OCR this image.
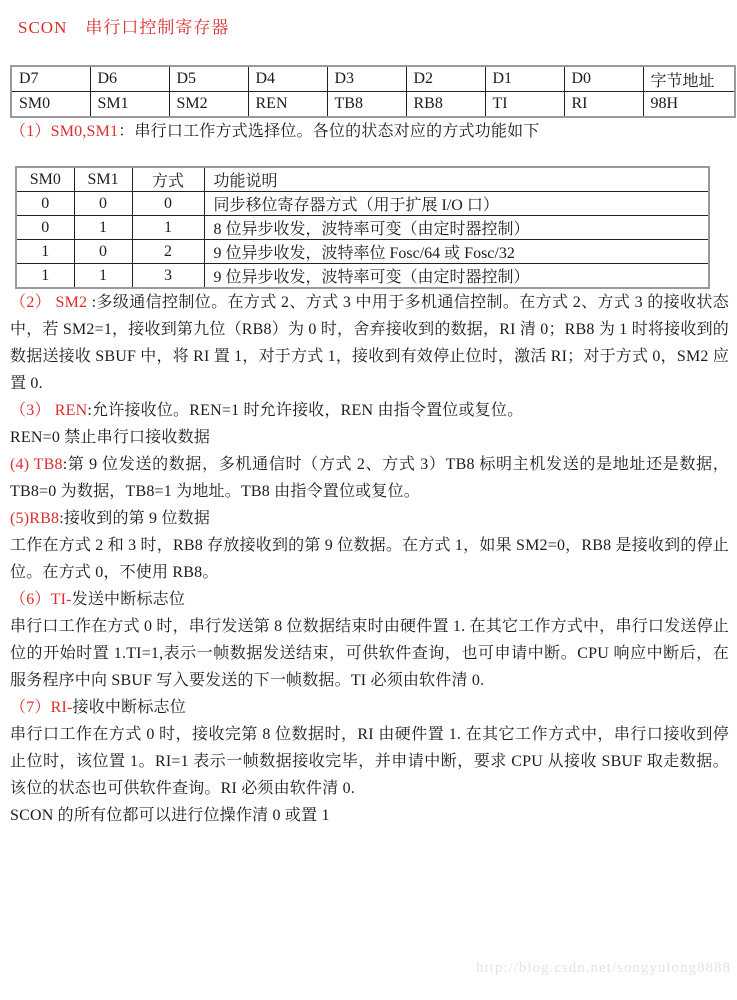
SCON　串行口控制寄存器
D7	D6	D5	D4	D3	D2	D1	D0	字节地址
SM0	SM1	SM2	REN	TB8	RB8	TI	RI	98H

（1）SM0,SM1：串行口工作方式选择位。各位的状态对应的方式功能如下

SM0	SM1	方式	功能说明
0	0	0	同步移位寄存器方式（用于扩展 I/O 口）
0	1	1	8 位异步收发，波特率可变（由定时器控制）
1	0	2	9 位异步收发，波特率位 Fosc/64 或 Fosc/32
1	1	3	9 位异步收发，波特率可变（由定时器控制）

（2） SM2 :多级通信控制位。在方式 2、方式 3 中用于多机通信控制。在方式 2、方式 3 的接收状态中，若 SM2=1，接收到第九位（RB8）为 0 时，舍弃接收到的数据，RI 清 0；RB8 为 1 时将接收到的数据送接收 SBUF 中，将 RI 置 1，对于方式 1，接收到有效停止位时，激活 RI；对于方式 0，SM2 应置 0.

（3） REN:允许接收位。REN=1 时允许接收，REN 由指令置位或复位。

REN=0 禁止串行口接收数据

(4) TB8:第 9 位发送的数据，多机通信时（方式 2、方式 3）TB8 标明主机发送的是地址还是数据，TB8=0 为数据，TB8=1 为地址。TB8 由指令置位或复位。

(5)RB8:接收到的第 9 位数据

工作在方式 2 和 3 时，RB8 存放接收到的第 9 位数据。在方式 1，如果 SM2=0，RB8 是接收到的停止位。在方式 0，不使用 RB8。

（6）TI-发送中断标志位

串行口工作在方式 0 时，串行发送第 8 位数据结束时由硬件置 1. 在其它工作方式中，串行口发送停止位的开始时置 1.TI=1,表示一帧数据发送结束，可供软件查询，也可申请中断。CPU 响应中断后，在服务程序中向 SBUF 写入要发送的下一帧数据。TI 必须由软件清 0.

（7）RI-接收中断标志位

串行口工作在方式 0 时，接收完第 8 位数据时，RI 由硬件置 1. 在其它工作方式中，串行口接收到停止位时，该位置 1。RI=1 表示一帧数据接收完毕，并申请中断，要求 CPU 从接收 SBUF 取走数据。该位的状态也可供软件查询。RI 必须由软件清 0.

SCON 的所有位都可以进行位操作清 0 或置 1

http://blog.csdn.net/songyulong8888
